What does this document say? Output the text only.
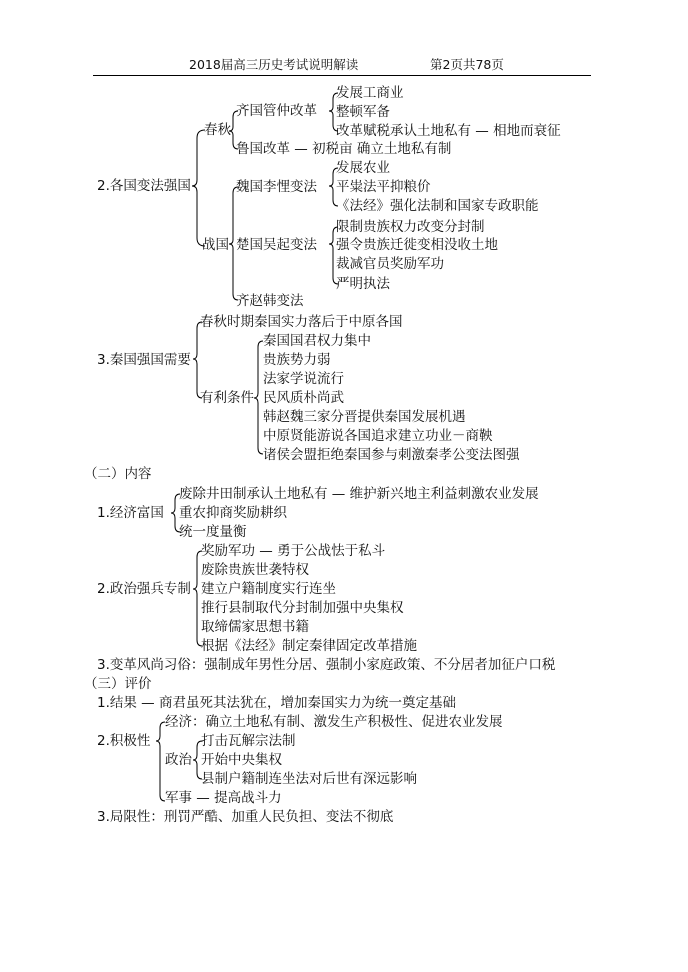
2018届高三历史考试说明解读	第2页共78页
2.各国变法强国
春秋
齐国管仲改革
发展工商业
整顿军备
改革赋税承认土地私有 — 相地而衰征
鲁国改革 — 初税亩 确立土地私有制
战国
魏国李悝变法
发展农业
平粜法平抑粮价
《法经》强化法制和国家专政职能
楚国吴起变法
限制贵族权力改变分封制
强令贵族迁徙变相没收土地
裁减官员奖励军功
严明执法
齐赵韩变法
3.秦国强国需要
春秋时期秦国实力落后于中原各国
有利条件
秦国国君权力集中
贵族势力弱
法家学说流行
民风质朴尚武
韩赵魏三家分晋提供秦国发展机遇
中原贤能游说各国追求建立功业－商鞅
诸侯会盟拒绝秦国参与刺激秦孝公变法图强
（二）内容
1.经济富国
废除井田制承认土地私有 — 维护新兴地主利益刺激农业发展
重农抑商奖励耕织
统一度量衡
2.政治强兵专制
奖励军功 — 勇于公战怯于私斗
废除贵族世袭特权
建立户籍制度实行连坐
推行县制取代分封制加强中央集权
取缔儒家思想书籍
根据《法经》制定秦律固定改革措施
3.变革风尚习俗：强制成年男性分居、强制小家庭政策、不分居者加征户口税
（三）评价
1.结果 — 商君虽死其法犹在，增加秦国实力为统一奠定基础
2.积极性
经济：确立土地私有制、激发生产积极性、促进农业发展
政治
打击瓦解宗法制
开始中央集权
县制户籍制连坐法对后世有深远影响
军事 — 提高战斗力
3.局限性：刑罚严酷、加重人民负担、变法不彻底
